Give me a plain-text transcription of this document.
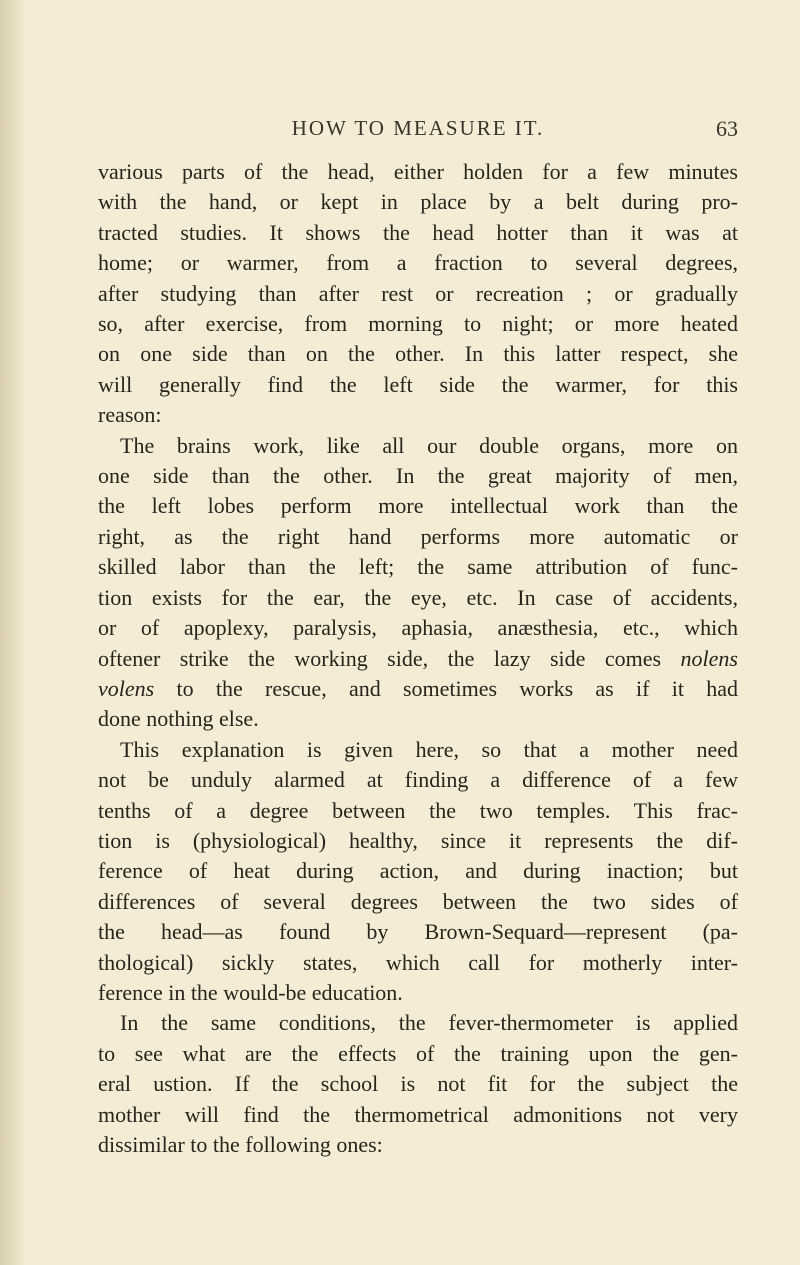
HOW TO MEASURE IT.	63

various parts of the head, either holden for a few minutes
with the hand, or kept in place by a belt during pro-
tracted studies. It shows the head hotter than it was at
home; or warmer, from a fraction to several degrees,
after studying than after rest or recreation ; or gradually
so, after exercise, from morning to night; or more heated
on one side than on the other. In this latter respect, she
will generally find the left side the warmer, for this
reason:

The brains work, like all our double organs, more on
one side than the other. In the great majority of men,
the left lobes perform more intellectual work than the
right, as the right hand performs more automatic or
skilled labor than the left; the same attribution of func-
tion exists for the ear, the eye, etc. In case of accidents,
or of apoplexy, paralysis, aphasia, anæsthesia, etc., which
oftener strike the working side, the lazy side comes nolens
volens to the rescue, and sometimes works as if it had
done nothing else.

This explanation is given here, so that a mother need
not be unduly alarmed at finding a difference of a few
tenths of a degree between the two temples. This frac-
tion is (physiological) healthy, since it represents the dif-
ference of heat during action, and during inaction; but
differences of several degrees between the two sides of
the head—as found by Brown-Sequard—represent (pa-
thological) sickly states, which call for motherly inter-
ference in the would-be education.

In the same conditions, the fever-thermometer is applied
to see what are the effects of the training upon the gen-
eral ustion. If the school is not fit for the subject the
mother will find the thermometrical admonitions not very
dissimilar to the following ones:
